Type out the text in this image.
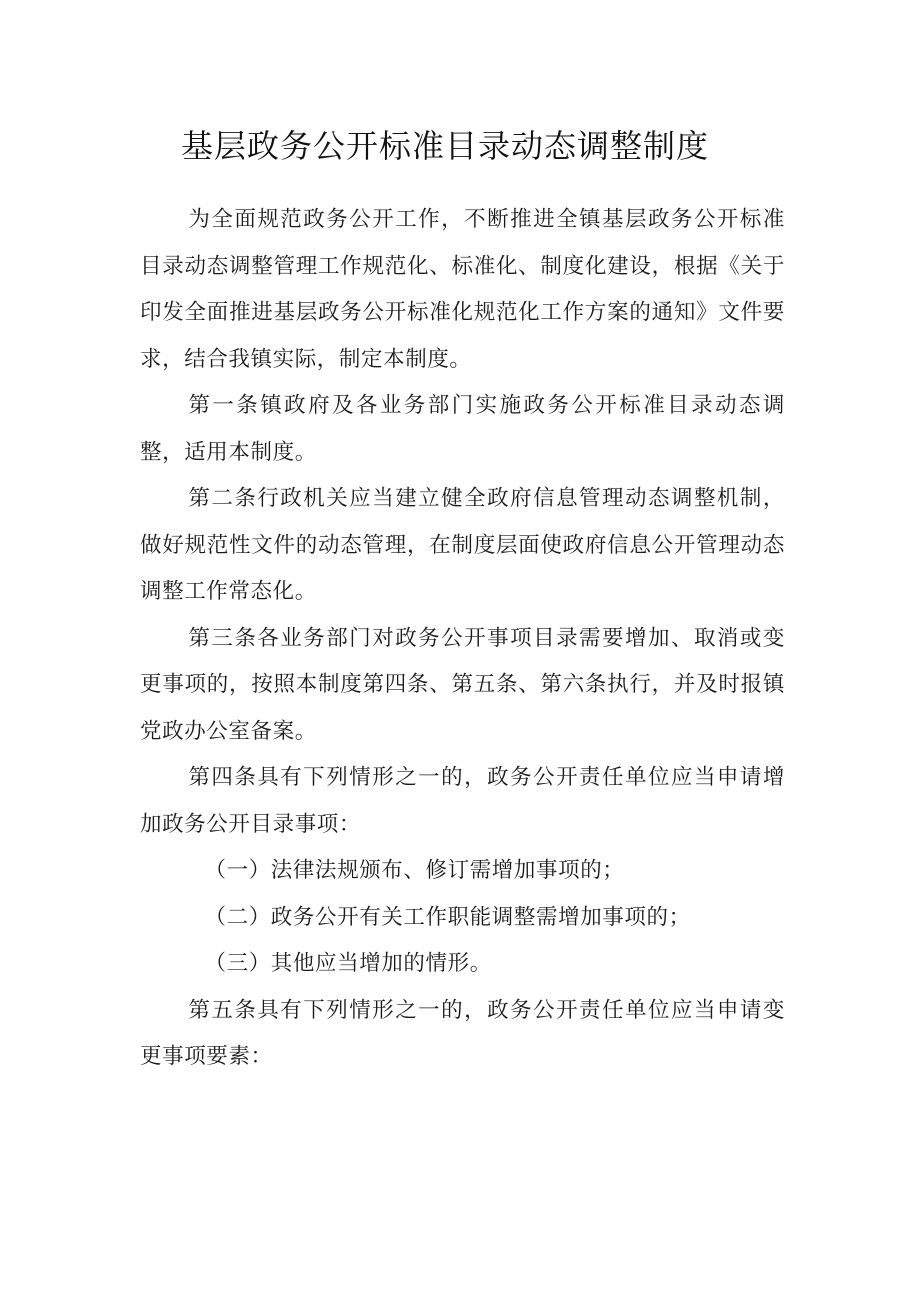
基层政务公开标准目录动态调整制度

为全面规范政务公开工作，不断推进全镇基层政务公开标准目录动态调整管理工作规范化、标准化、制度化建设，根据《关于印发全面推进基层政务公开标准化规范化工作方案的通知》文件要求，结合我镇实际，制定本制度。

第一条镇政府及各业务部门实施政务公开标准目录动态调整，适用本制度。

第二条行政机关应当建立健全政府信息管理动态调整机制，做好规范性文件的动态管理，在制度层面使政府信息公开管理动态调整工作常态化。

第三条各业务部门对政务公开事项目录需要增加、取消或变更事项的，按照本制度第四条、第五条、第六条执行，并及时报镇党政办公室备案。

第四条具有下列情形之一的，政务公开责任单位应当申请增加政务公开目录事项：

（一）法律法规颁布、修订需增加事项的；

（二）政务公开有关工作职能调整需增加事项的；

（三）其他应当增加的情形。

第五条具有下列情形之一的，政务公开责任单位应当申请变更事项要素：
